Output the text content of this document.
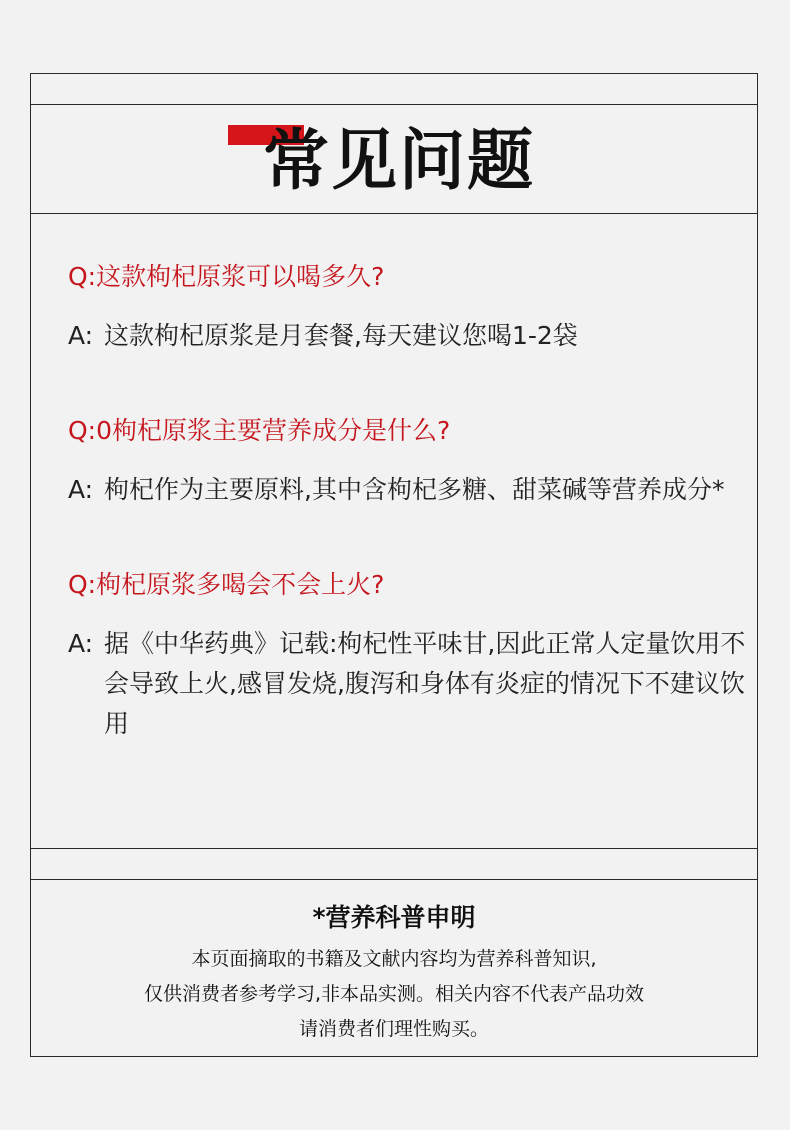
常见问题
Q:这款枸杞原浆可以喝多久?
A: 这款枸杞原浆是月套餐,每天建议您喝1-2袋
Q:0枸杞原浆主要营养成分是什么?
A: 枸杞作为主要原料,其中含枸杞多糖、甜菜碱等营养成分*
Q:枸杞原浆多喝会不会上火?
A: 据《中华药典》记载:枸杞性平味甘,因此正常人定量饮用不会导致上火,感冒发烧,腹泻和身体有炎症的情况下不建议饮用
*营养科普申明
本页面摘取的书籍及文献内容均为营养科普知识,
仅供消费者参考学习,非本品实测。相关内容不代表产品功效
请消费者们理性购买。
